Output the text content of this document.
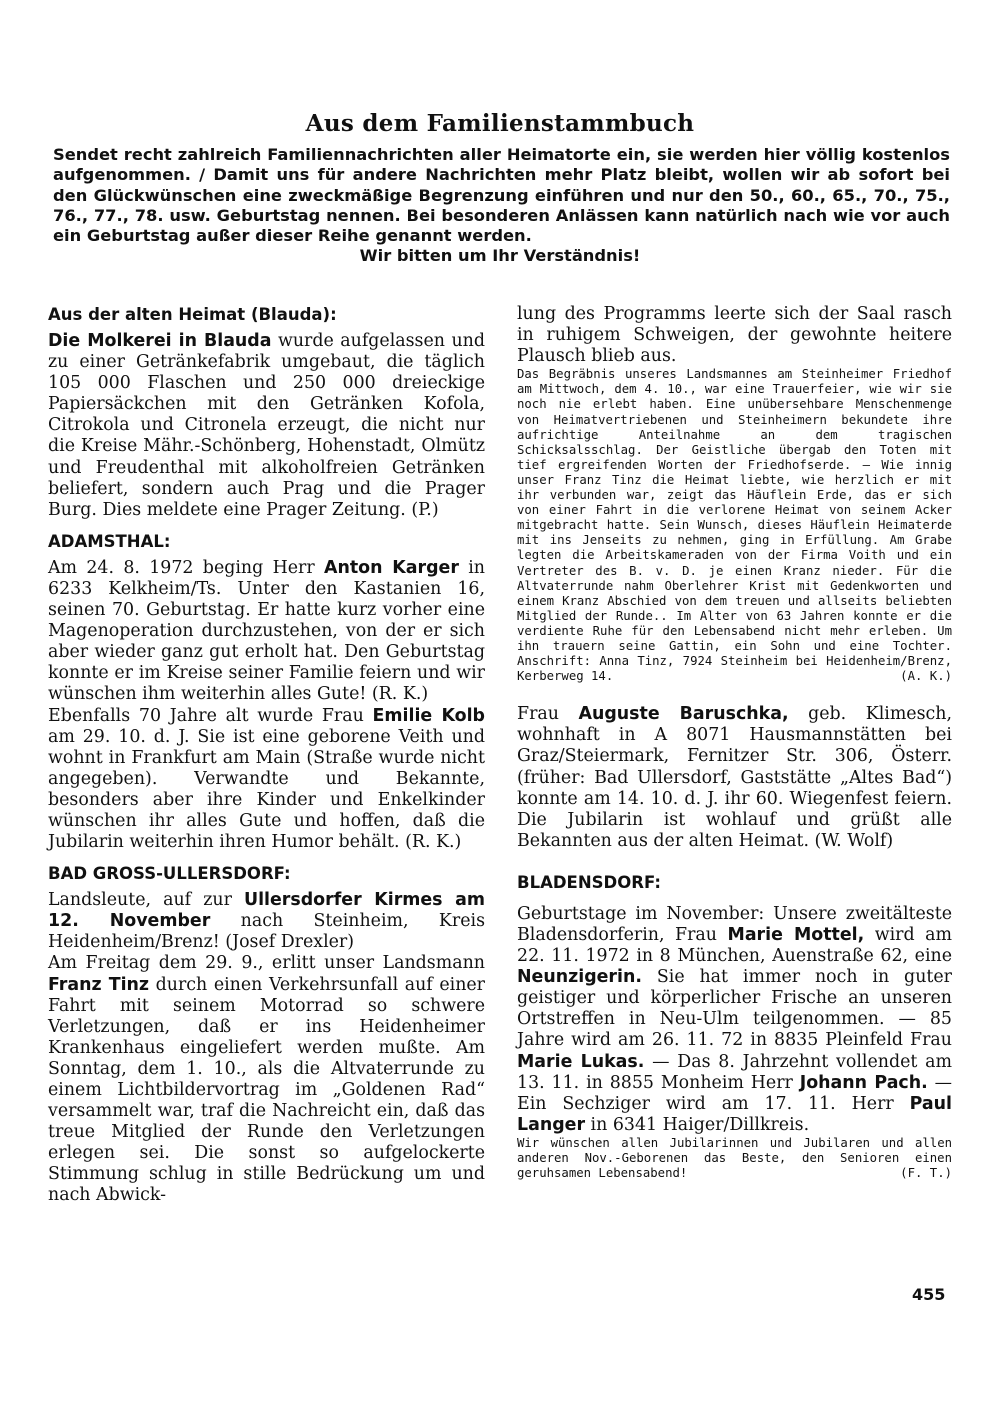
Aus dem Familienstammbuch

Sendet recht zahlreich Familiennachrichten aller Heimatorte ein, sie werden hier völlig kostenlos aufgenommen. / Damit uns für andere Nachrichten mehr Platz bleibt, wollen wir ab sofort bei den Glückwünschen eine zweckmäßige Begrenzung einführen und nur den 50., 60., 65., 70., 75., 76., 77., 78. usw. Geburtstag nennen. Bei besonderen Anlässen kann natürlich nach wie vor auch ein Geburtstag außer dieser Reihe genannt werden.

Wir bitten um Ihr Verständnis!

Aus der alten Heimat (Blauda):

Die Molkerei in Blauda wurde aufgelassen und zu einer Getränkefabrik umgebaut, die täglich 105 000 Flaschen und 250 000 dreieckige Papiersäckchen mit den Getränken Kofola, Citrokola und Citronela erzeugt, die nicht nur die Kreise Mähr.-Schönberg, Hohenstadt, Olmütz und Freudenthal mit alkoholfreien Getränken beliefert, sondern auch Prag und die Prager Burg. Dies meldete eine Prager Zeitung. (P.)

ADAMSTHAL:

Am 24. 8. 1972 beging Herr Anton Karger in 6233 Kelkheim/Ts. Unter den Kastanien 16, seinen 70. Geburtstag. Er hatte kurz vorher eine Magenoperation durchzustehen, von der er sich aber wieder ganz gut erholt hat. Den Geburtstag konnte er im Kreise seiner Familie feiern und wir wünschen ihm weiterhin alles Gute! (R. K.)

Ebenfalls 70 Jahre alt wurde Frau Emilie Kolb am 29. 10. d. J. Sie ist eine geborene Veith und wohnt in Frankfurt am Main (Straße wurde nicht angegeben). Verwandte und Bekannte, besonders aber ihre Kinder und Enkelkinder wünschen ihr alles Gute und hoffen, daß die Jubilarin weiterhin ihren Humor behält. (R. K.)

BAD GROSS-ULLERSDORF:

Landsleute, auf zur Ullersdorfer Kirmes am 12. November nach Steinheim, Kreis Heidenheim/Brenz! (Josef Drexler)

Am Freitag dem 29. 9., erlitt unser Landsmann Franz Tinz durch einen Verkehrsunfall auf einer Fahrt mit seinem Motorrad so schwere Verletzungen, daß er ins Heidenheimer Krankenhaus eingeliefert werden mußte. Am Sonntag, dem 1. 10., als die Altvaterrunde zu einem Lichtbildervortrag im „Goldenen Rad“ versammelt war, traf die Nachreicht ein, daß das treue Mitglied der Runde den Verletzungen erlegen sei. Die sonst so aufgelockerte Stimmung schlug in stille Bedrückung um und nach Abwick-

lung des Programms leerte sich der Saal rasch in ruhigem Schweigen, der gewohnte heitere Plausch blieb aus.

Das Begräbnis unseres Landsmannes am Steinheimer Friedhof am Mittwoch, dem 4. 10., war eine Trauerfeier, wie wir sie noch nie erlebt haben. Eine unübersehbare Menschenmenge von Heimatvertriebenen und Steinheimern bekundete ihre aufrichtige Anteilnahme an dem tragischen Schicksalsschlag. Der Geistliche übergab den Toten mit tief ergreifenden Worten der Friedhofserde. — Wie innig unser Franz Tinz die Heimat liebte, wie herzlich er mit ihr verbunden war, zeigt das Häuflein Erde, das er sich von einer Fahrt in die verlorene Heimat von seinem Acker mitgebracht hatte. Sein Wunsch, dieses Häuflein Heimaterde mit ins Jenseits zu nehmen, ging in Erfüllung. Am Grabe legten die Arbeitskameraden von der Firma Voith und ein Vertreter des B. v. D. je einen Kranz nieder. Für die Altvaterrunde nahm Oberlehrer Krist mit Gedenkworten und einem Kranz Abschied von dem treuen und allseits beliebten Mitglied der Runde.. Im Alter von 63 Jahren konnte er die verdiente Ruhe für den Lebensabend nicht mehr erleben. Um ihn trauern seine Gattin, ein Sohn und eine Tochter. Anschrift: Anna Tinz, 7924 Steinheim bei Heidenheim/Brenz, Kerberweg 14.	(A. K.)

Frau Auguste Baruschka, geb. Klimesch, wohnhaft in A 8071 Hausmannstätten bei Graz/Steiermark, Fernitzer Str. 306, Österr. (früher: Bad Ullersdorf, Gaststätte „Altes Bad“) konnte am 14. 10. d. J. ihr 60. Wiegenfest feiern. Die Jubilarin ist wohlauf und grüßt alle Bekannten aus der alten Heimat. (W. Wolf)

BLADENSDORF:

Geburtstage im November: Unsere zweitälteste Bladensdorferin, Frau Marie Mottel, wird am 22. 11. 1972 in 8 München, Auenstraße 62, eine Neunzigerin. Sie hat immer noch in guter geistiger und körperlicher Frische an unseren Ortstreffen in Neu-Ulm teilgenommen. — 85 Jahre wird am 26. 11. 72 in 8835 Pleinfeld Frau Marie Lukas. — Das 8. Jahrzehnt vollendet am 13. 11. in 8855 Monheim Herr Johann Pach. — Ein Sechziger wird am 17. 11. Herr Paul Langer in 6341 Haiger/Dillkreis.

Wir wünschen allen Jubilarinnen und Jubilaren und allen anderen Nov.-Geborenen das Beste, den Senioren einen geruhsamen Lebensabend!	(F. T.)

455
